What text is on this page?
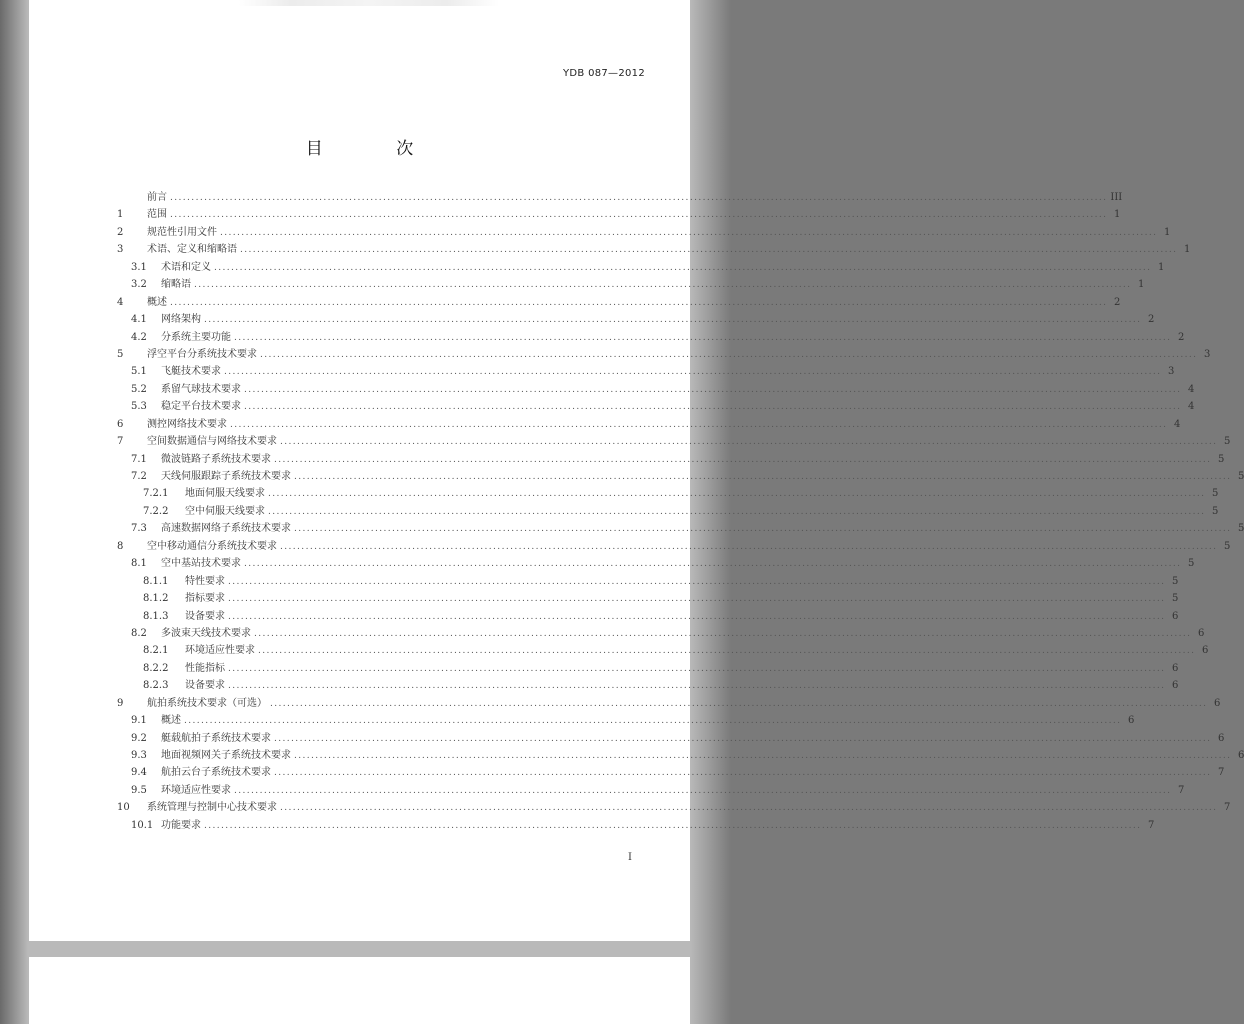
YDB 087—2012
目 次
前言 ............................................................................................................................................................................................................................ III
1	范围 ............................................................................................................................................................................................................................ 1
2	规范性引用文件 ............................................................................................................................................................................................................................ 1
3	术语、定义和缩略语 ............................................................................................................................................................................................................................ 1
3.1	术语和定义 ............................................................................................................................................................................................................................ 1
3.2	缩略语 ............................................................................................................................................................................................................................ 1
4	概述 ............................................................................................................................................................................................................................ 2
4.1	网络架构 ............................................................................................................................................................................................................................ 2
4.2	分系统主要功能 ............................................................................................................................................................................................................................ 2
5	浮空平台分系统技术要求 ............................................................................................................................................................................................................................ 3
5.1	飞艇技术要求 ............................................................................................................................................................................................................................ 3
5.2	系留气球技术要求 ............................................................................................................................................................................................................................ 4
5.3	稳定平台技术要求 ............................................................................................................................................................................................................................ 4
6	测控网络技术要求 ............................................................................................................................................................................................................................ 4
7	空间数据通信与网络技术要求 ............................................................................................................................................................................................................................ 5
7.1	微波链路子系统技术要求 ............................................................................................................................................................................................................................ 5
7.2	天线伺服跟踪子系统技术要求 ............................................................................................................................................................................................................................ 5
7.2.1	地面伺服天线要求 ............................................................................................................................................................................................................................ 5
7.2.2	空中伺服天线要求 ............................................................................................................................................................................................................................ 5
7.3	高速数据网络子系统技术要求 ............................................................................................................................................................................................................................ 5
8	空中移动通信分系统技术要求 ............................................................................................................................................................................................................................ 5
8.1	空中基站技术要求 ............................................................................................................................................................................................................................ 5
8.1.1	特性要求 ............................................................................................................................................................................................................................ 5
8.1.2	指标要求 ............................................................................................................................................................................................................................ 5
8.1.3	设备要求 ............................................................................................................................................................................................................................ 6
8.2	多波束天线技术要求 ............................................................................................................................................................................................................................ 6
8.2.1	环境适应性要求 ............................................................................................................................................................................................................................ 6
8.2.2	性能指标 ............................................................................................................................................................................................................................ 6
8.2.3	设备要求 ............................................................................................................................................................................................................................ 6
9	航拍系统技术要求（可选） ............................................................................................................................................................................................................................ 6
9.1	概述 ............................................................................................................................................................................................................................ 6
9.2	艇载航拍子系统技术要求 ............................................................................................................................................................................................................................ 6
9.3	地面视频网关子系统技术要求 ............................................................................................................................................................................................................................ 6
9.4	航拍云台子系统技术要求 ............................................................................................................................................................................................................................ 7
9.5	环境适应性要求 ............................................................................................................................................................................................................................ 7
10	系统管理与控制中心技术要求 ............................................................................................................................................................................................................................ 7
10.1 功能要求 ............................................................................................................................................................................................................................ 7
I
